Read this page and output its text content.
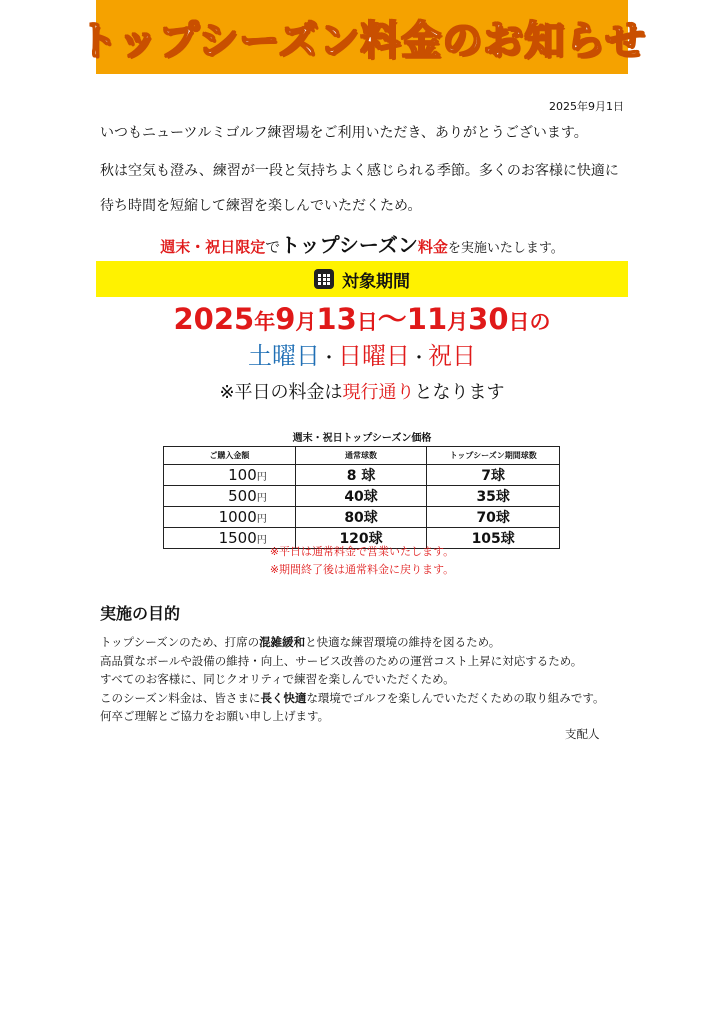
トップシーズン料金のお知らせ
2025年9月1日
いつもニューツルミゴルフ練習場をご利用いただき、ありがとうございます。
秋は空気も澄み、練習が一段と気持ちよく感じられる季節。多くのお客様に快適に
待ち時間を短縮して練習を楽しんでいただくため。
週末・祝日限定でトップシーズン料金を実施いたします。
対象期間
2025年9月13日～11月30日の
土曜日・日曜日・祝日
※平日の料金は現行通りとなります
週末・祝日トップシーズン価格
ご購入金額	通常球数	トップシーズン期間球数
100円	8 球	7球
500円	40球	35球
1000円	80球	70球
1500円	120球	105球
※平日は通常料金で営業いたします。
※期間終了後は通常料金に戻ります。
実施の目的
トップシーズンのため、打席の混雑緩和と快適な練習環境の維持を図るため。
高品質なボールや設備の維持・向上、サービス改善のための運営コスト上昇に対応するため。
すべてのお客様に、同じクオリティで練習を楽しんでいただくため。
このシーズン料金は、皆さまに長く快適な環境でゴルフを楽しんでいただくための取り組みです。
何卒ご理解とご協力をお願い申し上げます。
支配人
